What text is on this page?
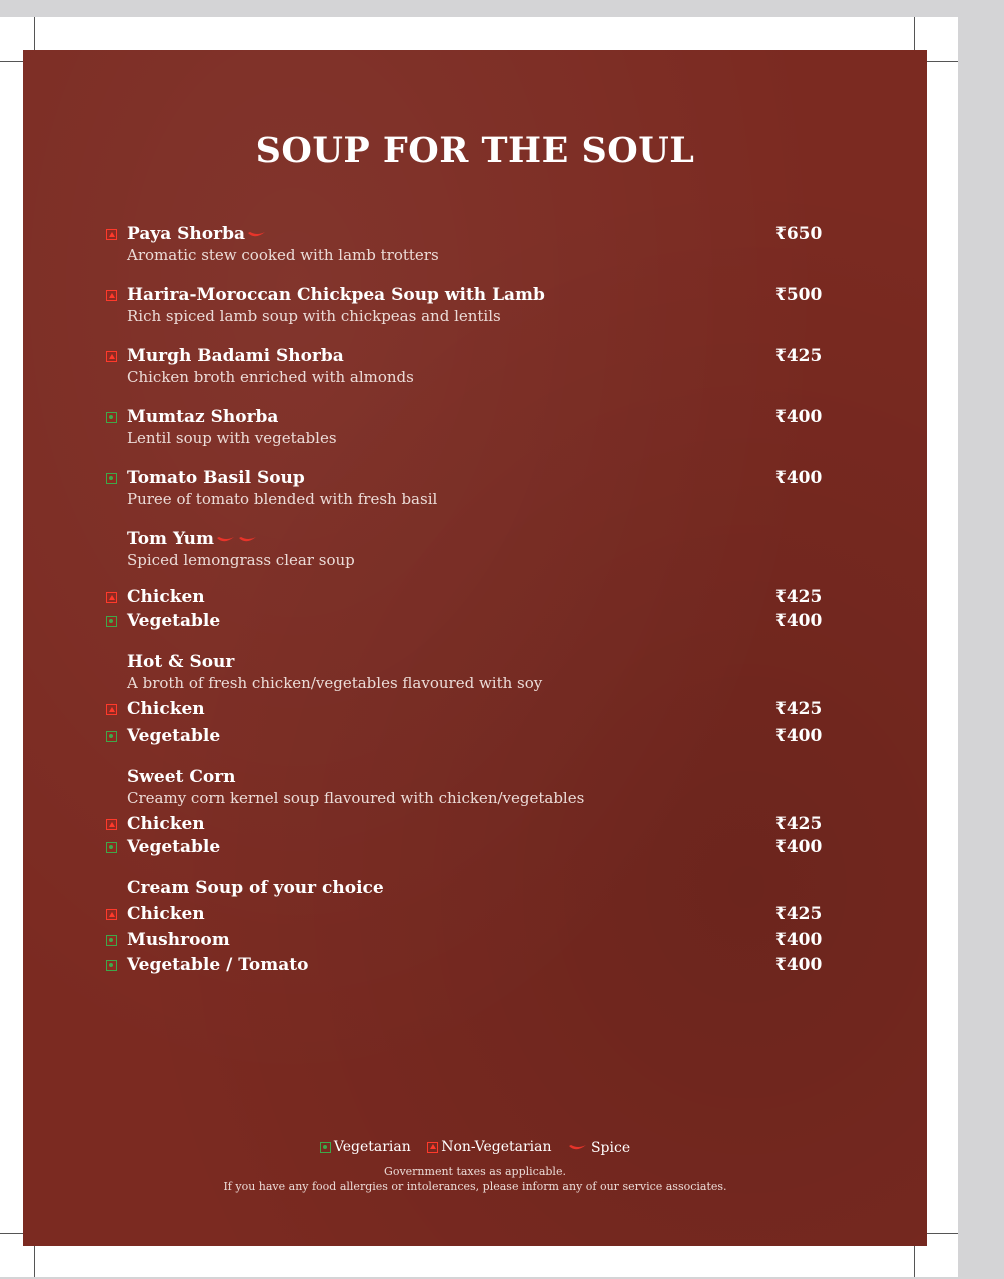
SOUP FOR THE SOUL
Paya Shorba	₹650
Aromatic stew cooked with lamb trotters
Harira-Moroccan Chickpea Soup with Lamb	₹500
Rich spiced lamb soup with chickpeas and lentils
Murgh Badami Shorba	₹425
Chicken broth enriched with almonds
Mumtaz Shorba	₹400
Lentil soup with vegetables
Tomato Basil Soup	₹400
Puree of tomato blended with fresh basil
Tom Yum
Spiced lemongrass clear soup
Chicken	₹425
Vegetable	₹400
Hot & Sour
A broth of fresh chicken/vegetables flavoured with soy
Chicken	₹425
Vegetable	₹400
Sweet Corn
Creamy corn kernel soup flavoured with chicken/vegetables
Chicken	₹425
Vegetable	₹400
Cream Soup of your choice
Chicken	₹425
Mushroom	₹400
Vegetable / Tomato	₹400
Vegetarian
Non-Vegetarian
	Spice
Government taxes as applicable.
If you have any food allergies or intolerances, please inform any of our service associates.
